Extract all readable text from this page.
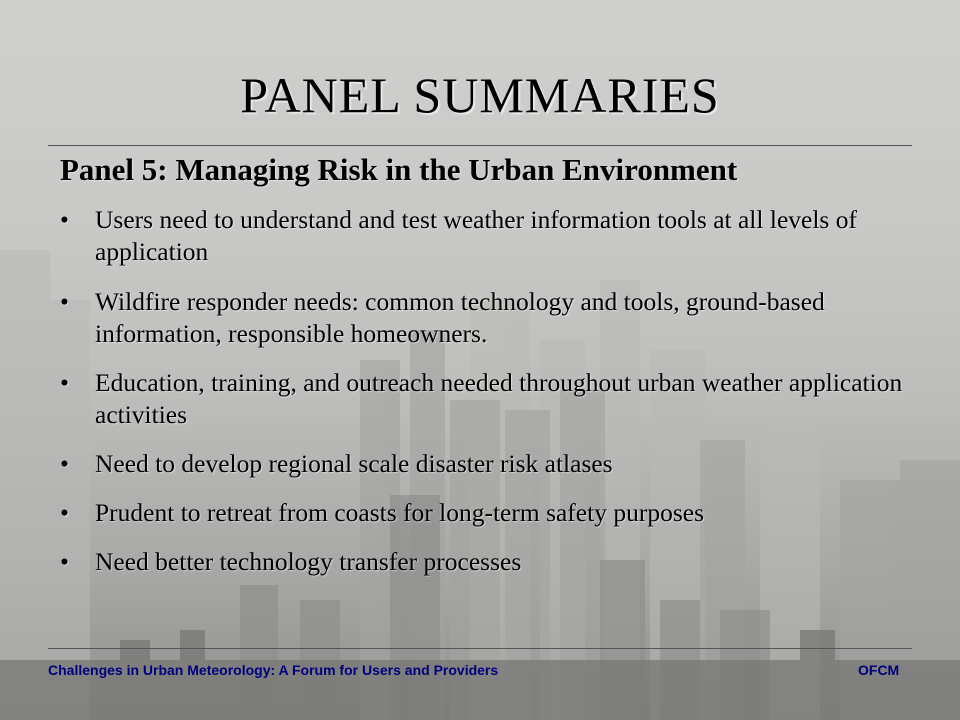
PANEL SUMMARIES
Panel 5: Managing Risk in the Urban Environment
• Users need to understand and test weather information tools at all levels of application
• Wildfire responder needs: common technology and tools, ground-based information, responsible homeowners.
• Education, training, and outreach needed throughout urban weather application activities
• Need to develop regional scale disaster risk atlases
• Prudent to retreat from coasts for long-term safety purposes
• Need better technology transfer processes
Challenges in Urban Meteorology: A Forum for Users and Providers	OFCM
